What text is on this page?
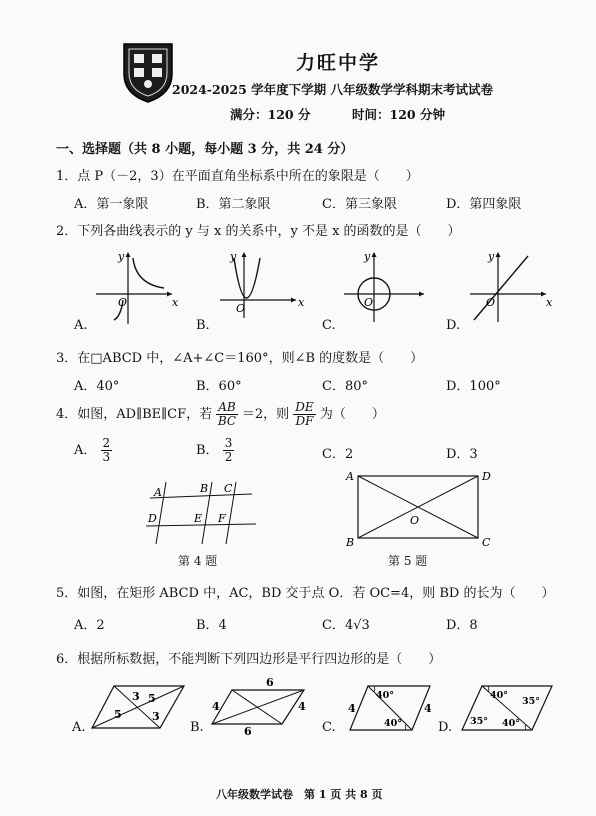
力旺中学
2024-2025 学年度下学期 八年级数学学科期末考试试卷
满分：120 分	时间：120 分钟
一、选择题（共 8 小题，每小题 3 分，共 24 分）
1．点 P（－2，3）在平面直角坐标系中所在的象限是（　　）
A．第一象限	B．第二象限	C．第三象限	D．第四象限
2．下列各曲线表示的 y 与 x 的关系中，y 不是 x 的函数的是（　　）
x
y
O
A.
x
y
O
B.
y
O
C.
x
y
O
D.
3．在□ABCD 中，∠A+∠C＝160°，则∠B 的度数是（　　）
A．40°	B．60°	C．80°	D．100°
4．如图，AD∥BE∥CF，若 $\frac{AB}{BC} =2$，则 $\frac{DE}{DF}$ 为（　　）
A． $\frac{2}{3}$	B． $\frac{3}{2}$	C．2	D．3
A	B C
D	E F
第 4 题
A	D
B	C
O
第 5 题
5．如图，在矩形 ABCD 中，AC，BD 交于点 O．若 OC=4，则 BD 的长为（　　）
A．2	B．4	C．4√3	D．8
6．根据所标数据，不能判断下列四边形是平行四边形的是（　　）
3 5
5	3
A.
6
4	4
6
B.
40°
4	4
40°
C.
40°
35°
35° 40°
D.
八年级数学试卷　第 1 页 共 8 页
